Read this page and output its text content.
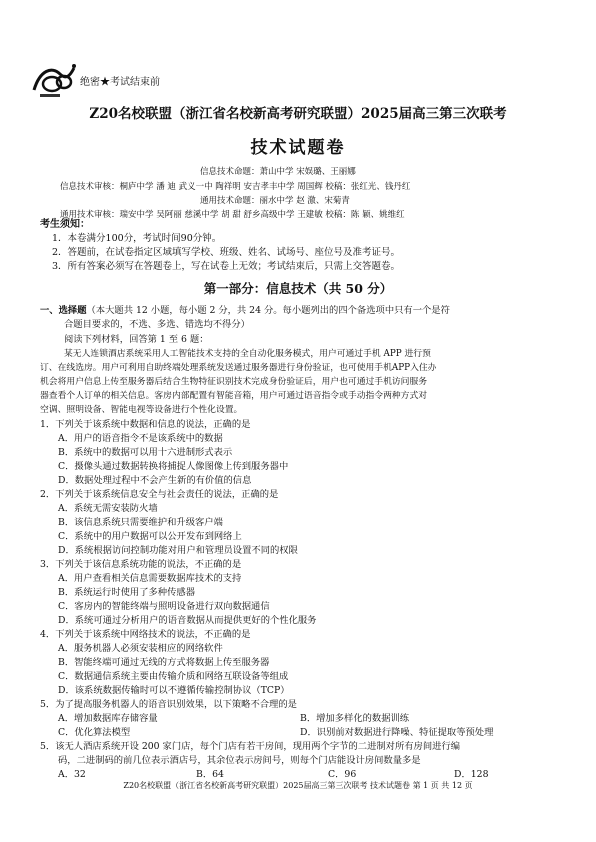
绝密★考试结束前
Z20名校联盟（浙江省名校新高考研究联盟）2025届高三第三次联考
技术试题卷
信息技术命题：萧山中学 宋娱璐、王丽娜
信息技术审核：桐庐中学 潘 迪 武义一中 陶祥明 安吉孝丰中学 周国辉 校稿：张红光、钱丹红
通用技术命题：丽水中学 赵 激、宋菊青
通用技术审核：瑞安中学 吴阿丽 慈溪中学 胡 甜 舒乡高级中学 王建敏 校稿：陈 颖、姚维红
考生须知：
1．本卷满分100分，考试时间90分钟。
2．答题前，在试卷指定区域填写学校、班级、姓名、试场号、座位号及准考证号。
3．所有答案必须写在答题卷上，写在试卷上无效；考试结束后，只需上交答题卷。
第一部分：信息技术（共 50 分）
一、选择题（本大题共 12 小题，每小题 2 分，共 24 分。每小题列出的四个备选项中只有一个是符
合题目要求的，不选、多选、错选均不得分）
阅读下列材料，回答第 1 至 6 题：
某无人连锁酒店系统采用人工智能技术支持的全自动化服务模式，用户可通过手机 APP 进行预
订、在线选房。用户可利用自助终端处理系统发送通过服务器进行身份验证，也可使用手机APP入住办
机会将用户信息上传至服务器后结合生物特征识别技术完成身份验证后，用户也可通过手机访问服务
器查看个人订单的相关信息。客房内部配置有智能音箱，用户可通过语音指令或手动指令两种方式对
空调、照明设备、智能电视等设备进行个性化设置。
1．下列关于该系统中数据和信息的说法，正确的是
A．用户的语音指令不是该系统中的数据
B．系统中的数据可以用十六进制形式表示
C．摄像头通过数据转换将捕捉人像图像上传到服务器中
D．数据处理过程中不会产生新的有价值的信息
2．下列关于该系统信息安全与社会责任的说法，正确的是
A．系统无需安装防火墙
B．该信息系统只需要维护和升级客户端
C．系统中的用户数据可以公开发布到网络上
D．系统根据访问控制功能对用户和管理员设置不同的权限
3．下列关于该信息系统功能的说法，不正确的是
A．用户查看相关信息需要数据库技术的支持
B．系统运行时使用了多种传感器
C．客房内的智能终端与照明设备进行双向数据通信
D．系统可通过分析用户的语音数据从而提供更好的个性化服务
4．下列关于该系统中网络技术的说法，不正确的是
A．服务机器人必须安装相应的网络软件
B．智能终端可通过无线的方式将数据上传至服务器
C．数据通信系统主要由传输介质和网络互联设备等组成
D．该系统数据传输时可以不遵循传输控制协议（TCP）
5．为了提高服务机器人的语音识别效果，以下策略不合理的是
A．增加数据库存储容量	B．增加多样化的数据训练
C．优化算法模型	D．识别前对数据进行降噪、特征提取等预处理
5．该无人酒店系统开设 200 家门店，每个门店有若干房间，现用两个字节的二进制对所有房间进行编
码，二进制码的前几位表示酒店号，其余位表示房间号，则每个门店能设计房间数量多是
A．32	B．64	C．96	D．128
Z20名校联盟（浙江省名校新高考研究联盟）2025届高三第三次联考 技术试题卷 第 1 页 共 12 页
